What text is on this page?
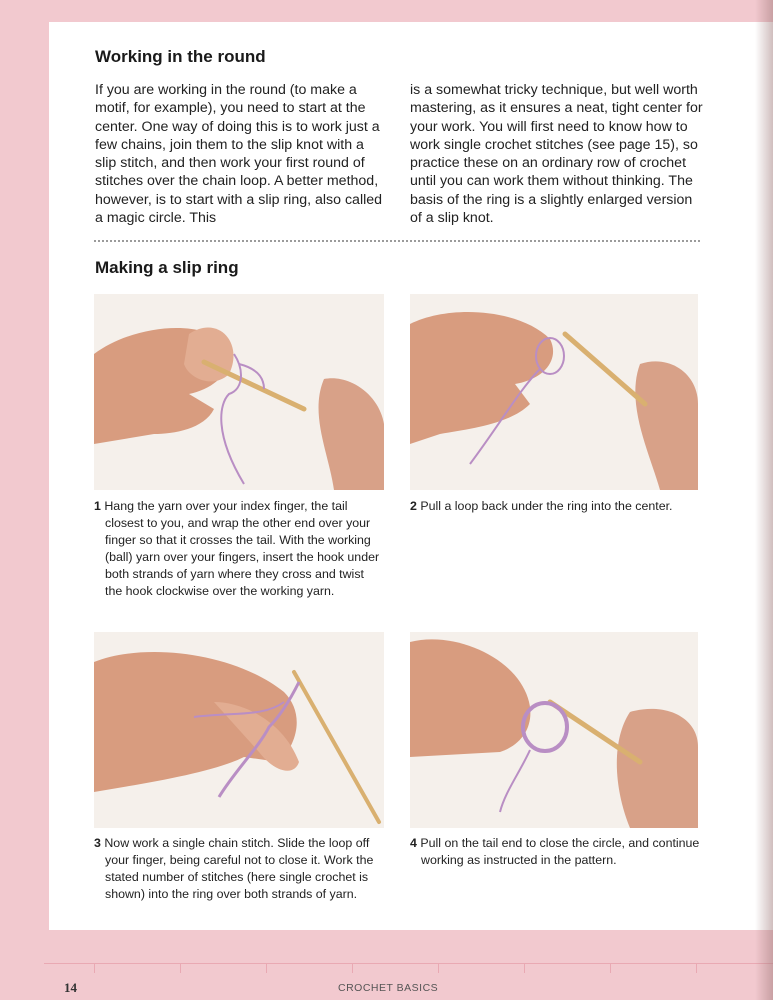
Working in the round

If you are working in the round (to make a motif, for example), you need to start at the center. One way of doing this is to work just a few chains, join them to the slip knot with a slip stitch, and then work your first round of stitches over the chain loop. A better method, however, is to start with a slip ring, also called a magic circle. This

is a somewhat tricky technique, but well worth mastering, as it ensures a neat, tight center for your work. You will first need to know how to work single crochet stitches (see page 15), so practice these on an ordinary row of crochet until you can work them without thinking. The basis of the ring is a slightly enlarged version of a slip knot.

Making a slip ring

1 Hang the yarn over your index finger, the tail closest to you, and wrap the other end over your finger so that it crosses the tail. With the working (ball) yarn over your fingers, insert the hook under both strands of yarn where they cross and twist the hook clockwise over the working yarn.

2 Pull a loop back under the ring into the center.

3 Now work a single chain stitch. Slide the loop off your finger, being careful not to close it. Work the stated number of stitches (here single crochet is shown) into the ring over both strands of yarn.

4 Pull on the tail end to close the circle, and continue working as instructed in the pattern.

14	CROCHET BASICS
